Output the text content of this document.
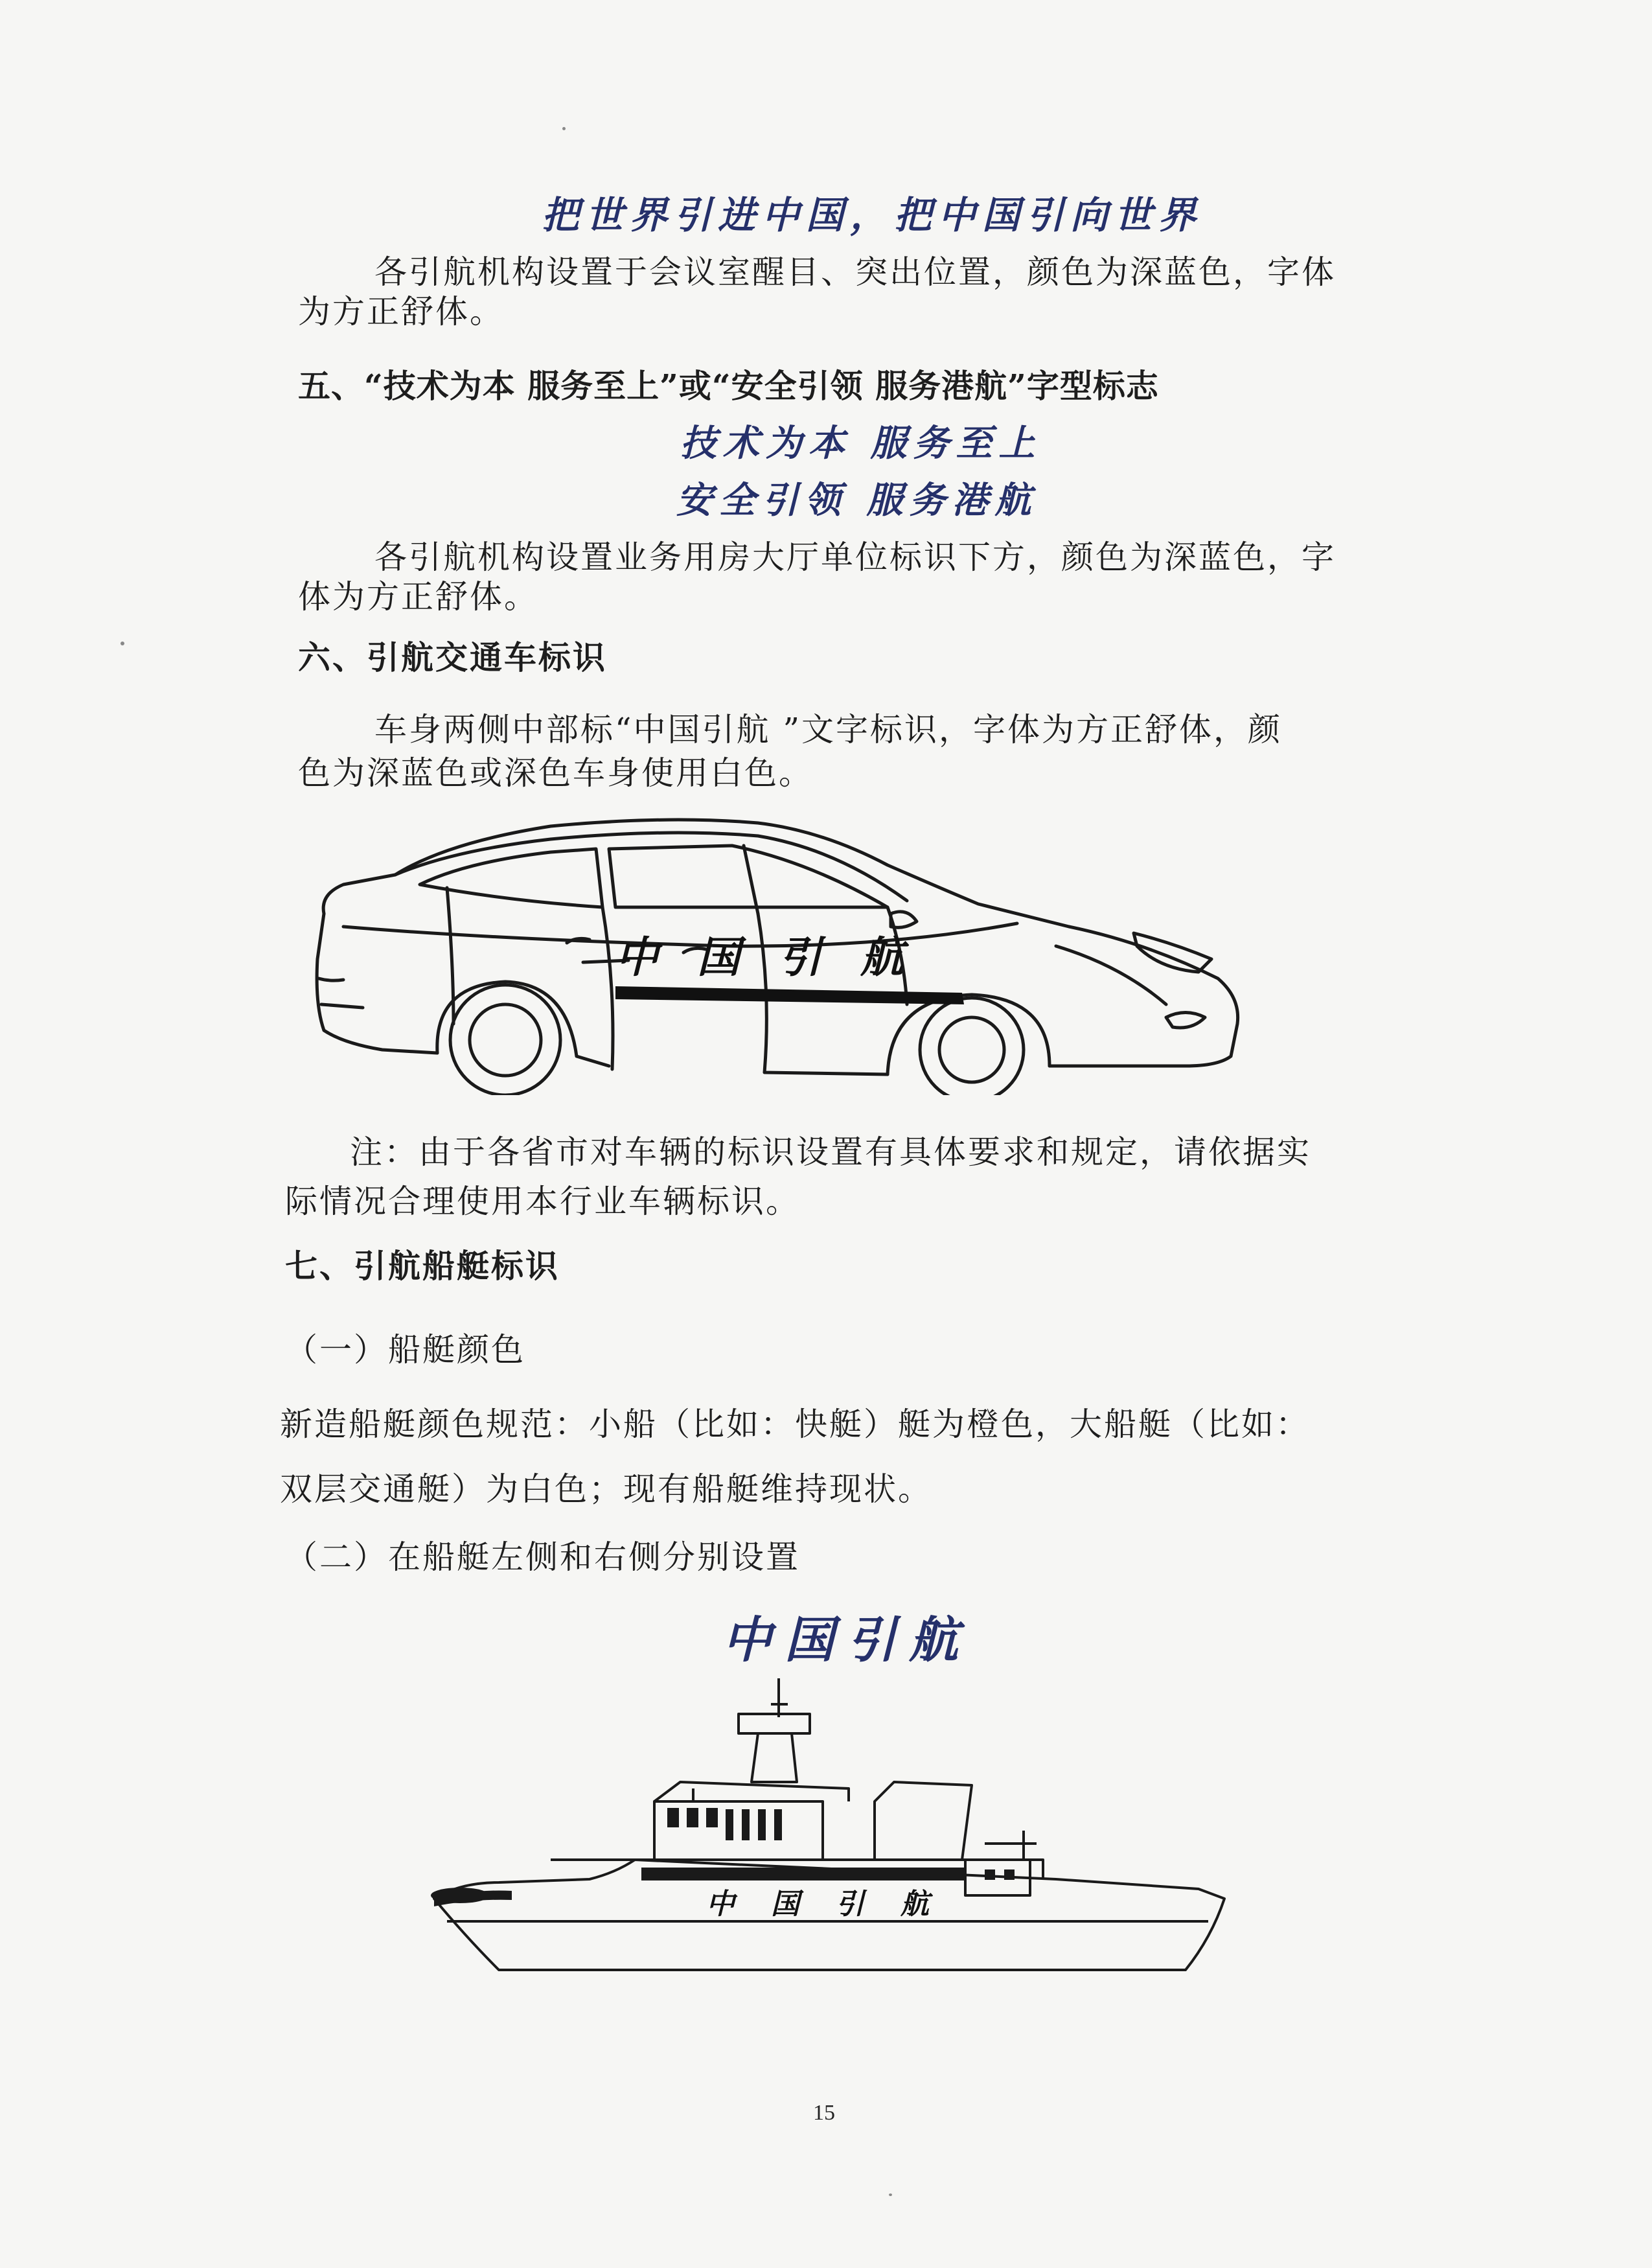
把世界引进中国，把中国引向世界
各引航机构设置于会议室醒目、突出位置，颜色为深蓝色，字体
为方正舒体。
五、“技术为本 服务至上”或“安全引领 服务港航”字型标志
技术为本 服务至上
安全引领 服务港航
各引航机构设置业务用房大厅单位标识下方，颜色为深蓝色，字
体为方正舒体。
六、引航交通车标识
车身两侧中部标“中国引航 ”文字标识，字体为方正舒体，颜
色为深蓝色或深色车身使用白色。
中国引航
注：由于各省市对车辆的标识设置有具体要求和规定，请依据实
际情况合理使用本行业车辆标识。
七、引航船艇标识
（一）船艇颜色
新造船艇颜色规范：小船（比如：快艇）艇为橙色，大船艇（比如：
双层交通艇）为白色；现有船艇维持现状。
（二）在船艇左侧和右侧分别设置
中国引航
中国引航
15
